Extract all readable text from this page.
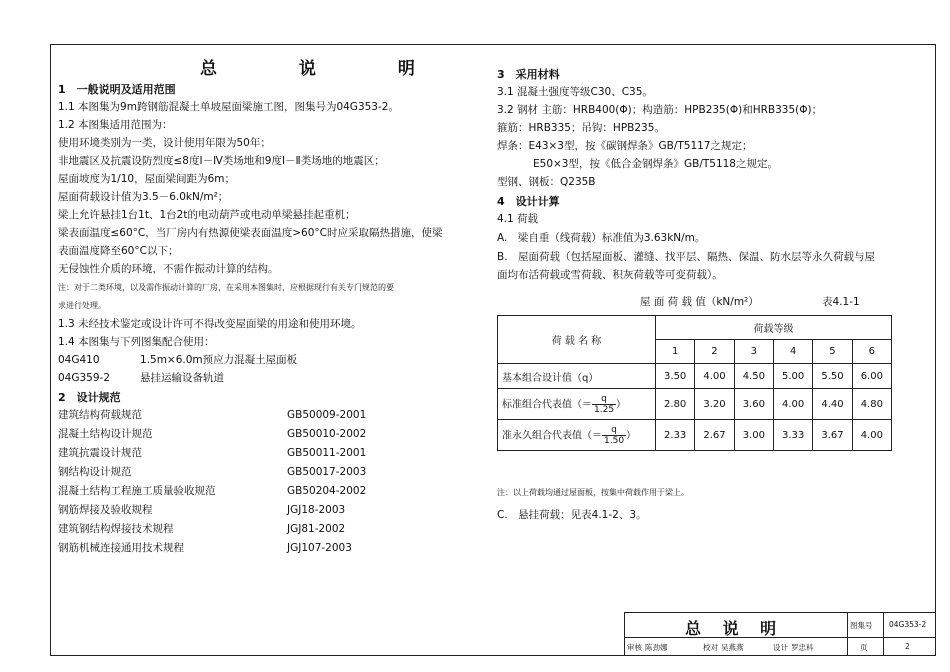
总 说 明
1　一般说明及适用范围
1.1 本图集为9m跨钢筋混凝土单坡屋面梁施工图，图集号为04G353-2。
1.2 本图集适用范围为：
使用环境类别为一类，设计使用年限为50年；
非地震区及抗震设防烈度≤8度Ⅰ－Ⅳ类场地和9度Ⅰ－Ⅱ类场地的地震区；
屋面坡度为1/10，屋面梁间距为6m；
屋面荷载设计值为3.5－6.0kN/m²；
梁上允许悬挂1台1t、1台2t的电动葫芦或电动单梁悬挂起重机；
梁表面温度≤60°C，当厂房内有热源使梁表面温度>60°C时应采取隔热措施，使梁
表面温度降至60°C以下；
无侵蚀性介质的环境，不需作振动计算的结构。
注：对于二类环境，以及需作振动计算的厂房，在采用本图集时，应根据现行有关专门规范的要
求进行处理。
1.3 未经技术鉴定或设计许可不得改变屋面梁的用途和使用环境。
1.4 本图集与下列图集配合使用：
04G410	1.5m×6.0m预应力混凝土屋面板
04G359-2	悬挂运输设备轨道
2　设计规范
建筑结构荷载规范	GB50009-2001
混凝土结构设计规范	GB50010-2002
建筑抗震设计规范	GB50011-2001
钢结构设计规范	GB50017-2003
混凝土结构工程施工质量验收规范	GB50204-2002
钢筋焊接及验收规程	JGJ18-2003
建筑钢结构焊接技术规程	JGJ81-2002
钢筋机械连接通用技术规程	JGJ107-2003
3　采用材料
3.1 混凝土强度等级C30、C35。
3.2 钢材 主筋：HRB400(Φ)；构造筋：HPB235(Φ)和HRB335(Φ)；
箍筋：HRB335；吊钩：HPB235。
焊条：E43×3型，按《碳钢焊条》GB/T5117之规定；
E50×3型，按《低合金钢焊条》GB/T5118之规定。
型钢、钢板：Q235B
4　设计计算
4.1 荷载
A.　梁自重（线荷载）标准值为3.63kN/m。
B.　屋面荷载（包括屋面板、灌缝、找平层、隔热、保温、防水层等永久荷载与屋
面均布活荷载或雪荷载、积灰荷载等可变荷载）。
屋 面 荷 载 值（kN/m²）	表4.1-1
荷 载 名 称	荷载等级					
	1	2	3	4	5	6
基本组合设计值（q）	3.50	4.00	4.50	5.00	5.50	6.00
标准组合代表值（＝ $\frac{q}{1.25}$ ）	2.80	3.20	3.60	4.00	4.40	4.80
准永久组合代表值（＝ $\frac{q}{1.50}$ ）	2.33	2.67	3.00	3.33	3.67	4.00
注：以上荷载均通过屋面板，按集中荷载作用于梁上。
C.　悬挂荷载：见表4.1-2、3。
总 说 明	图集号 04G353-2
页	2
审核 陈劲娜	校对 吴燕燕	设计 罗忠科
